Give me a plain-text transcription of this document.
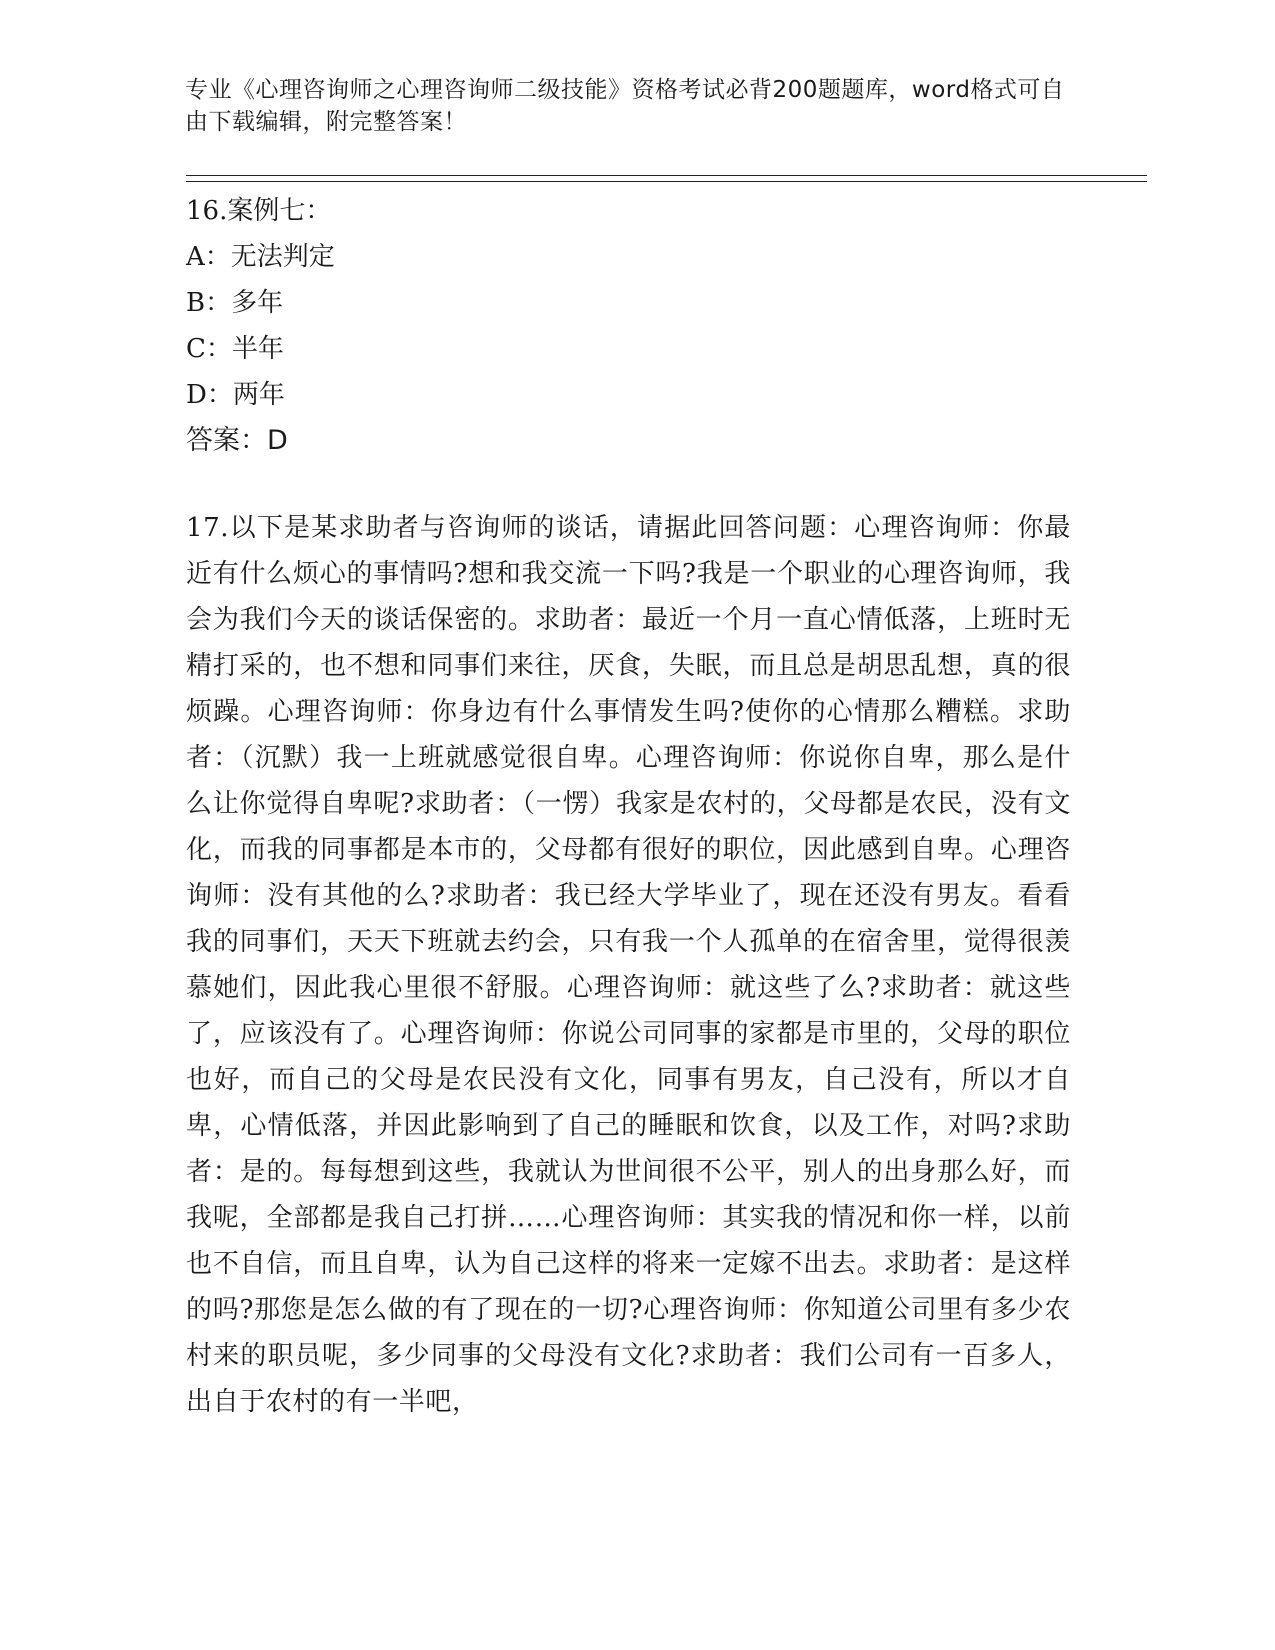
专业《心理咨询师之心理咨询师二级技能》资格考试必背200题题库，word格式可自由下载编辑，附完整答案！
16.案例七：
A：无法判定
B：多年
C：半年
D：两年
答案：D
17.以下是某求助者与咨询师的谈话，请据此回答问题：心理咨询师：你最近有什么烦心的事情吗?想和我交流一下吗?我是一个职业的心理咨询师，我会为我们今天的谈话保密的。求助者：最近一个月一直心情低落，上班时无精打采的，也不想和同事们来往，厌食，失眠，而且总是胡思乱想，真的很烦躁。心理咨询师：你身边有什么事情发生吗?使你的心情那么糟糕。求助者：（沉默）我一上班就感觉很自卑。心理咨询师：你说你自卑，那么是什么让你觉得自卑呢?求助者：（一愣）我家是农村的，父母都是农民，没有文化，而我的同事都是本市的，父母都有很好的职位，因此感到自卑。心理咨询师：没有其他的么?求助者：我已经大学毕业了，现在还没有男友。看看我的同事们，天天下班就去约会，只有我一个人孤单的在宿舍里，觉得很羡慕她们，因此我心里很不舒服。心理咨询师：就这些了么?求助者：就这些了，应该没有了。心理咨询师：你说公司同事的家都是市里的，父母的职位也好，而自己的父母是农民没有文化，同事有男友，自己没有，所以才自卑，心情低落，并因此影响到了自己的睡眠和饮食，以及工作，对吗?求助者：是的。每每想到这些，我就认为世间很不公平，别人的出身那么好，而我呢，全部都是我自己打拼……心理咨询师：其实我的情况和你一样，以前也不自信，而且自卑，认为自己这样的将来一定嫁不出去。求助者：是这样的吗?那您是怎么做的有了现在的一切?心理咨询师：你知道公司里有多少农村来的职员呢，多少同事的父母没有文化?求助者：我们公司有一百多人，出自于农村的有一半吧，
